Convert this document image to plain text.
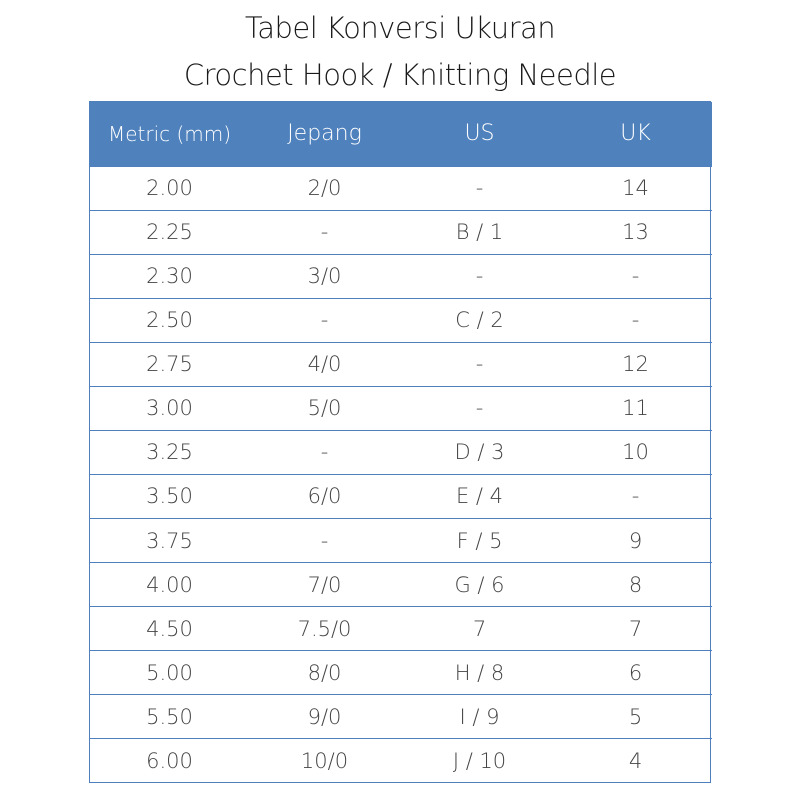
Tabel Konversi Ukuran
Crochet Hook / Knitting Needle
Metric (mm)	Jepang	US	UK
2.00	2/0	-	14
2.25	-	B / 1	13
2.30	3/0	-	-
2.50	-	C / 2	-
2.75	4/0	-	12
3.00	5/0	-	11
3.25	-	D / 3	10
3.50	6/0	E / 4	-
3.75	-	F / 5	9
4.00	7/0	G / 6	8
4.50	7.5/0	7	7
5.00	8/0	H / 8	6
5.50	9/0	I / 9	5
6.00	10/0	J / 10	4
